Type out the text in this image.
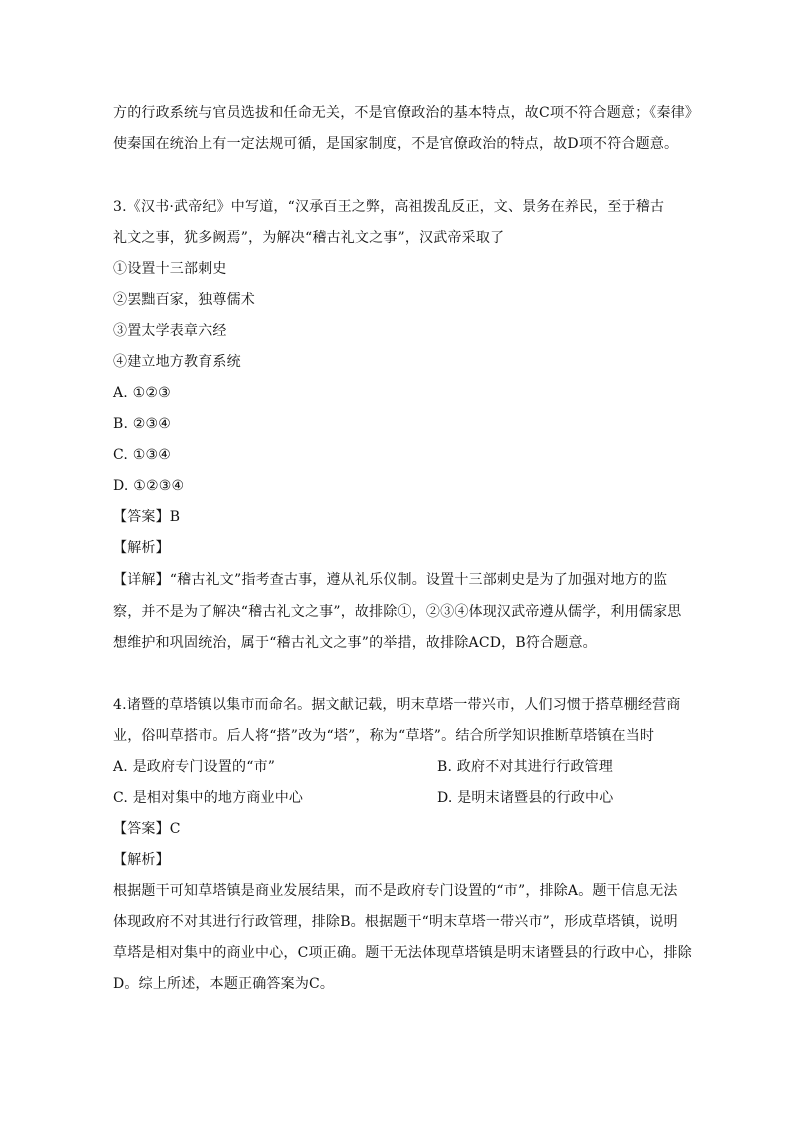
方的行政系统与官员选拔和任命无关，不是官僚政治的基本特点，故C项不符合题意；《秦律》
使秦国在统治上有一定法规可循，是国家制度，不是官僚政治的特点，故D项不符合题意。
3.《汉书·武帝纪》中写道，“汉承百王之弊，高祖拨乱反正，文、景务在养民，至于稽古
礼文之事，犹多阙焉”，为解决“稽古礼文之事”，汉武帝采取了
①设置十三部刺史
②罢黜百家，独尊儒术
③置太学表章六经
④建立地方教育系统
A. ①②③
B. ②③④
C. ①③④
D. ①②③④
【答案】B
【解析】
【详解】“稽古礼文”指考查古事，遵从礼乐仪制。设置十三部刺史是为了加强对地方的监
察，并不是为了解决“稽古礼文之事”，故排除①，②③④体现汉武帝遵从儒学，利用儒家思
想维护和巩固统治，属于“稽古礼文之事”的举措，故排除ACD，B符合题意。
4.诸暨的草塔镇以集市而命名。据文献记载，明末草塔一带兴市，人们习惯于搭草棚经营商
业，俗叫草搭市。后人将“搭”改为“塔”，称为“草塔”。结合所学知识推断草塔镇在当时
A. 是政府专门设置的“市”	B. 政府不对其进行行政管理
C. 是相对集中的地方商业中心	D. 是明末诸暨县的行政中心
【答案】C
【解析】
根据题干可知草塔镇是商业发展结果，而不是政府专门设置的“市”，排除A。题干信息无法
体现政府不对其进行行政管理，排除B。根据题干“明末草塔一带兴市”，形成草塔镇，说明
草塔是相对集中的商业中心，C项正确。题干无法体现草塔镇是明末诸暨县的行政中心，排除
D。综上所述，本题正确答案为C。
